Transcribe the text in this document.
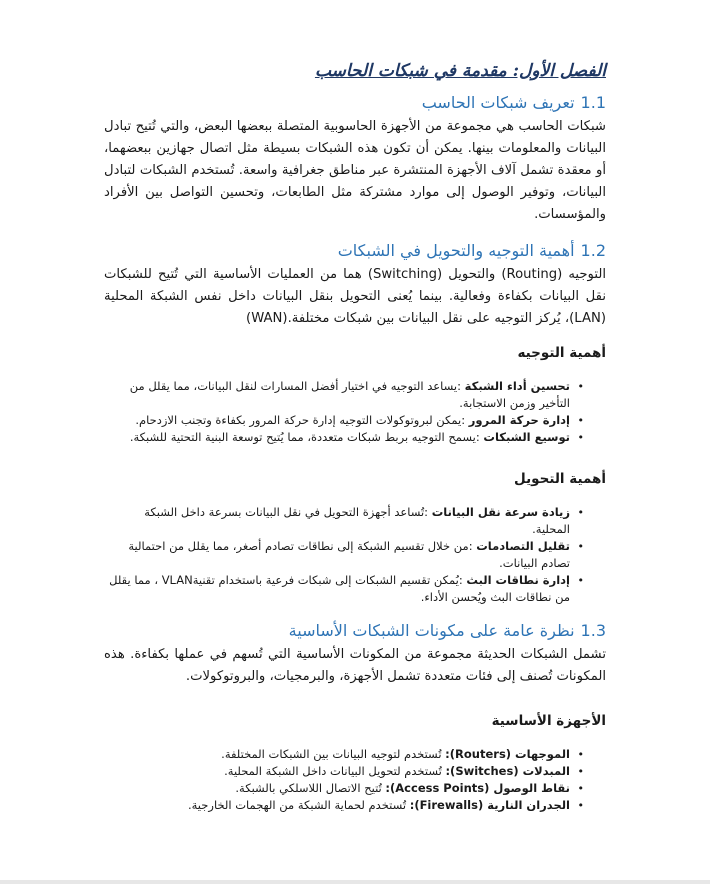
الفصل الأول: مقدمة في شبكات الحاسب
1.1تعريف شبكات الحاسب

شبكات الحاسب هي مجموعة من الأجهزة الحاسوبية المتصلة ببعضها البعض، والتي تُتيح تبادل البيانات والمعلومات بينها. يمكن أن تكون هذه الشبكات بسيطة مثل اتصال جهازين ببعضهما، أو معقدة تشمل آلاف الأجهزة المنتشرة عبر مناطق جغرافية واسعة. تُستخدم الشبكات لتبادل البيانات، وتوفير الوصول إلى موارد مشتركة مثل الطابعات، وتحسين التواصل بين الأفراد والمؤسسات.

1.2أهمية التوجيه والتحويل في الشبكات

التوجيه (Routing) والتحويل (Switching) هما من العمليات الأساسية التي تُتيح للشبكات نقل البيانات بكفاءة وفعالية. بينما يُعنى التحويل بنقل البيانات داخل نفس الشبكة المحلية (LAN)، يُركز التوجيه على نقل البيانات بين شبكات مختلفة.(WAN)

أهمية التوجيه
• تحسين أداء الشبكة :يساعد التوجيه في اختيار أفضل المسارات لنقل البيانات، مما يقلل من التأخير وزمن الاستجابة.
• إدارة حركة المرور :يمكن لبروتوكولات التوجيه إدارة حركة المرور بكفاءة وتجنب الازدحام.
• توسيع الشبكات :يسمح التوجيه بربط شبكات متعددة، مما يُتيح توسعة البنية التحتية للشبكة.
أهمية التحويل
• زيادة سرعة نقل البيانات :تُساعد أجهزة التحويل في نقل البيانات بسرعة داخل الشبكة المحلية.
• تقليل التصادمات :من خلال تقسيم الشبكة إلى نطاقات تصادم أصغر، مما يقلل من احتمالية تصادم البيانات.
• إدارة نطاقات البث :يُمكن تقسيم الشبكات إلى شبكات فرعية باستخدام تقنيةVLAN ، مما يقلل من نطاقات البث ويُحسن الأداء.
1.3نظرة عامة على مكونات الشبكات الأساسية

تشمل الشبكات الحديثة مجموعة من المكونات الأساسية التي تُسهم في عملها بكفاءة. هذه المكونات تُصنف إلى فئات متعددة تشمل الأجهزة، والبرمجيات، والبروتوكولات.

الأجهزة الأساسية
• الموجهات (Routers): تُستخدم لتوجيه البيانات بين الشبكات المختلفة.
• المبدلات (Switches): تُستخدم لتحويل البيانات داخل الشبكة المحلية.
• نقاط الوصول (Access Points): تُتيح الاتصال اللاسلكي بالشبكة.
• الجدران النارية (Firewalls): تُستخدم لحماية الشبكة من الهجمات الخارجية.
